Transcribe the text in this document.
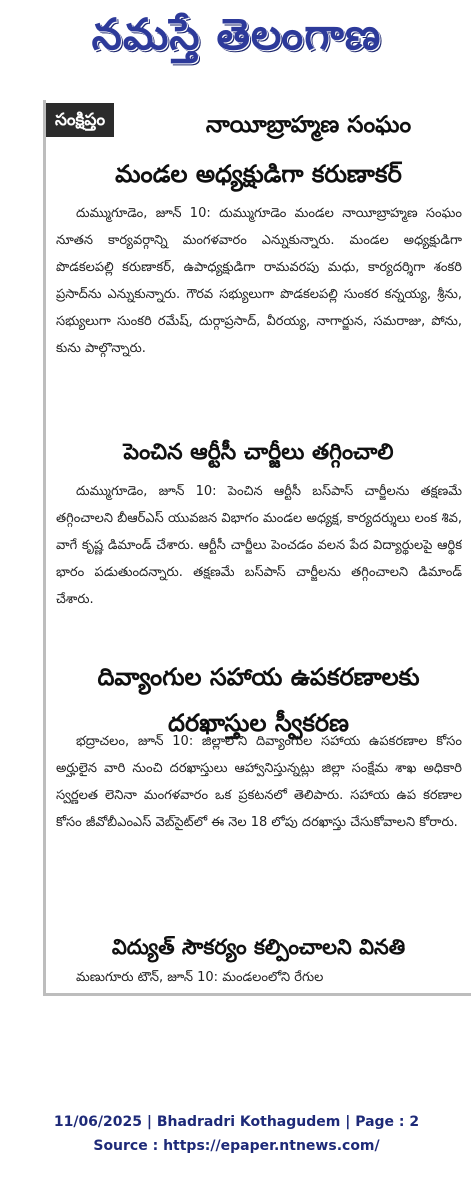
నమస్తే తెలంగాణ
సంక్షిప్తం	నాయీబ్రాహ్మణ సంఘం
మండల అధ్యక్షుడిగా కరుణాకర్
దుమ్ముగూడెం, జూన్ 10: దుమ్ముగూడెం మండల నాయీబ్రాహ్మణ సంఘం నూతన కార్యవర్గాన్ని మంగళవారం ఎన్నుకున్నారు. మండల అధ్యక్షుడిగా పొడకలపల్లి కరుణాకర్, ఉపాధ్యక్షుడిగా రామవరపు మధు, కార్యదర్శిగా శంకరి ప్రసాద్‌ను ఎన్నుకున్నారు. గౌరవ సభ్యులుగా పొడకలపల్లి సుంకర కన్నయ్య, శ్రీను, సభ్యులుగా సుంకరి రమేష్, దుర్గాప్రసాద్, వీరయ్య, నాగార్జున, సమరాజు, పోను, కును పాల్గొన్నారు.
పెంచిన ఆర్టీసీ చార్జీలు తగ్గించాలి
దుమ్ముగూడెం, జూన్ 10: పెంచిన ఆర్టీసీ బస్‌పాస్ చార్జీలను తక్షణమే తగ్గించాలని బీఆర్‌ఎస్ యువజన విభాగం మండల అధ్యక్ష, కార్యదర్శులు లంక శివ, వాగే కృష్ణ డిమాండ్ చేశారు. ఆర్టీసీ చార్జీలు పెంచడం వలన పేద విద్యార్థులపై ఆర్థిక భారం పడుతుందన్నారు. తక్షణమే బస్‌పాస్ చార్జీలను తగ్గించాలని డిమాండ్ చేశారు.
దివ్యాంగుల సహాయ ఉపకరణాలకు
దరఖాస్తుల స్వీకరణ
భద్రాచలం, జూన్ 10: జిల్లాలోని దివ్యాంగుల సహాయ ఉపకరణాల కోసం అర్హులైన వారి నుంచి దరఖాస్తులు ఆహ్వానిస్తున్నట్లు జిల్లా సంక్షేమ శాఖ అధికారి స్వర్ణలత లెనినా మంగళవారం ఒక ప్రకటనలో తెలిపారు. సహాయ ఉప కరణాల కోసం జీవోబీఎంఎస్ వెబ్‌సైట్‌లో ఈ నెల 18 లోపు దరఖాస్తు చేసుకోవాలని కోరారు.
విద్యుత్ సౌకర్యం కల్పించాలని వినతి
మణుగూరు టౌన్, జూన్ 10: మండలంలోని రేగుల
11/06/2025 | Bhadradri Kothagudem | Page : 2
Source : https://epaper.ntnews.com/
